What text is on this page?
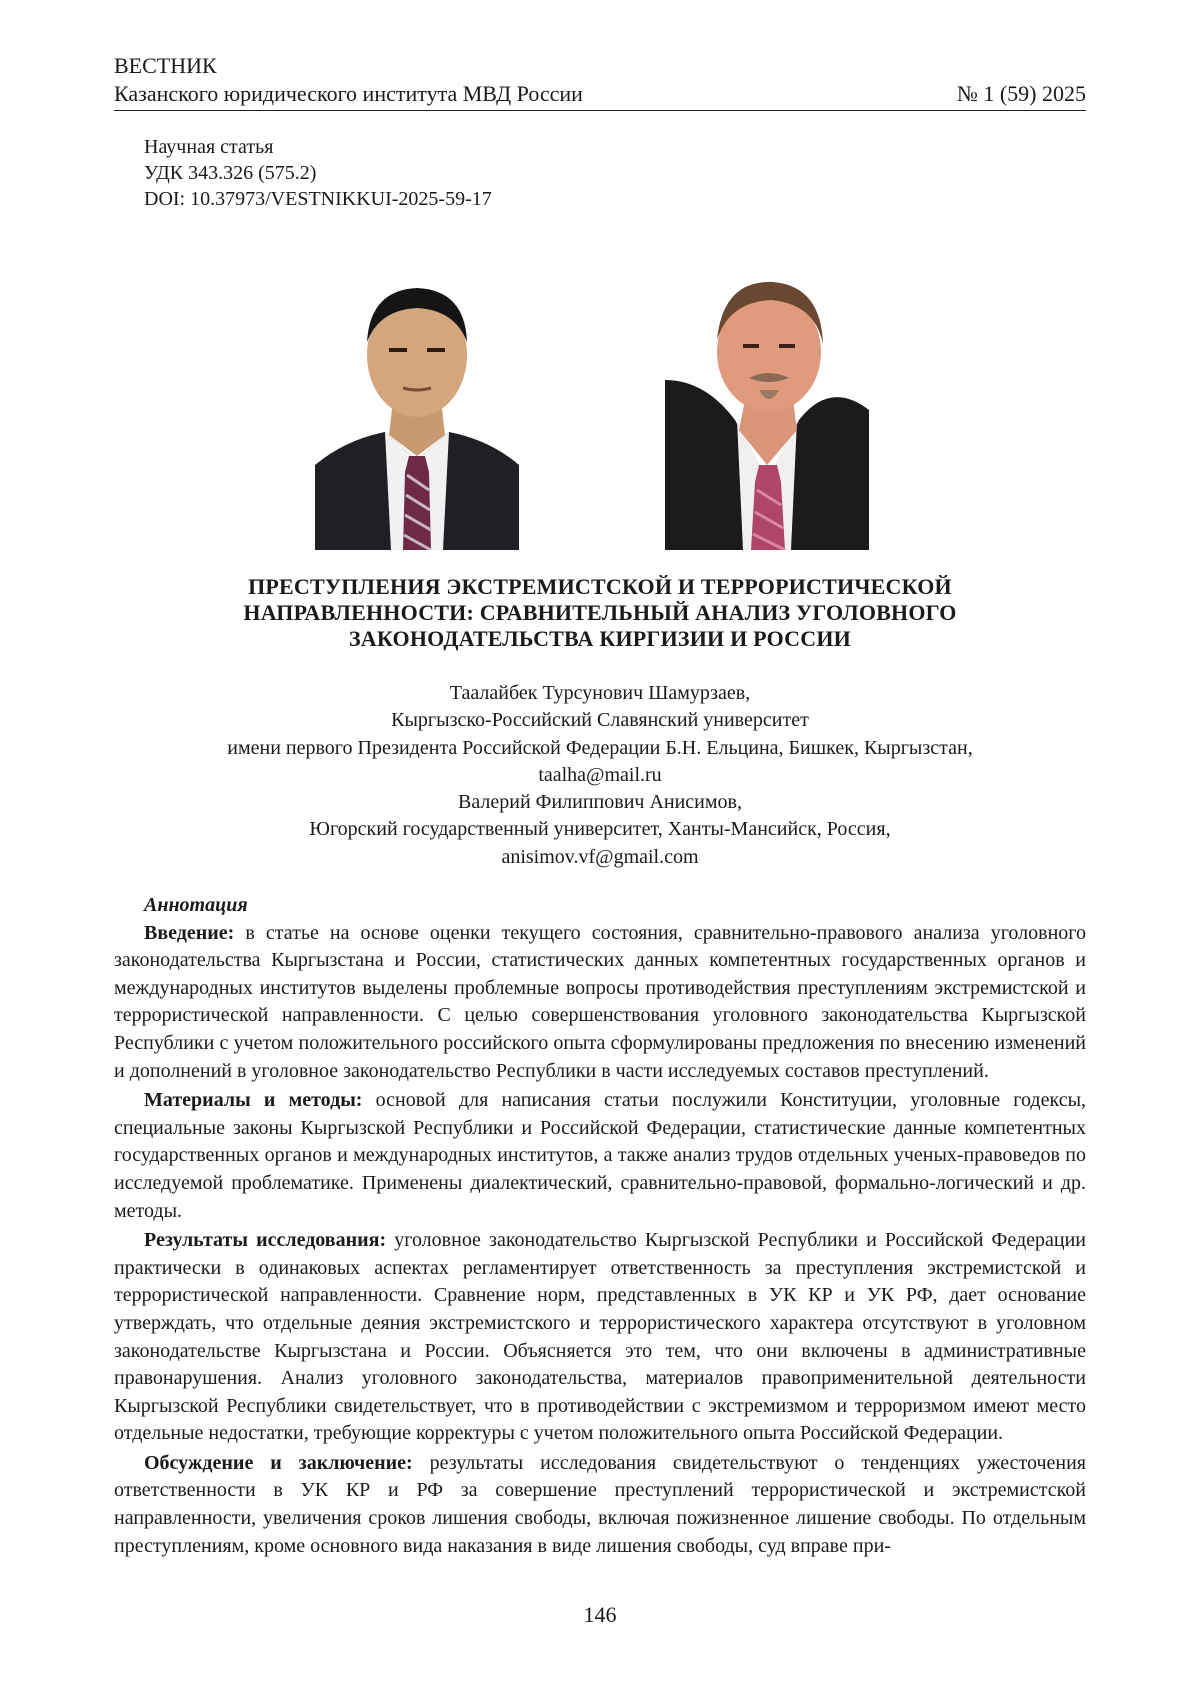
ВЕСТНИК
Казанского юридического института МВД России	№ 1 (59) 2025
Научная статья
УДК 343.326 (575.2)
DOI: 10.37973/VESTNIKKUI-2025-59-17
ПРЕСТУПЛЕНИЯ ЭКСТРЕМИСТСКОЙ И ТЕРРОРИСТИЧЕСКОЙ
НАПРАВЛЕННОСТИ: СРАВНИТЕЛЬНЫЙ АНАЛИЗ УГОЛОВНОГО
ЗАКОНОДАТЕЛЬСТВА КИРГИЗИИ И РОССИИ
Таалайбек Турсунович Шамурзаев,
Кыргызско-Российский Славянский университет
имени первого Президента Российской Федерации Б.Н. Ельцина, Бишкек, Кыргызстан,
taalha@mail.ru
Валерий Филиппович Анисимов,
Югорский государственный университет, Ханты-Мансийск, Россия,
anisimov.vf@gmail.com
Аннотация

Введение: в статье на основе оценки текущего состояния, сравнительно-правового анализа уголовного законодательства Кыргызстана и России, статистических данных компетентных государственных органов и международных институтов выделены проблемные вопросы противодействия преступлениям экстремистской и террористической направленности. С целью совершенствования уголовного законодательства Кыргызской Республики с учетом положительного российского опыта сформулированы предложения по внесению изменений и дополнений в уголовное законодательство Республики в части исследуемых составов преступлений.

Материалы и методы: основой для написания статьи послужили Конституции, уголовные годексы, специальные законы Кыргызской Республики и Российской Федерации, статистические данные компетентных государственных органов и международных институтов, а также анализ трудов отдельных ученых-правоведов по исследуемой проблематике. Применены диалектический, сравнительно-правовой, формально-логический и др. методы.

Результаты исследования: уголовное законодательство Кыргызской Республики и Российской Федерации практически в одинаковых аспектах регламентирует ответственность за преступления экстремистской и террористической направленности. Сравнение норм, представленных в УК КР и УК РФ, дает основание утверждать, что отдельные деяния экстремистского и террористического характера отсутствуют в уголовном законодательстве Кыргызстана и России. Объясняется это тем, что они включены в административные правонарушения. Анализ уголовного законодательства, материалов правоприменительной деятельности Кыргызской Республики свидетельствует, что в противодействии с экстремизмом и терроризмом имеют место отдельные недостатки, требующие корректуры с учетом положительного опыта Российской Федерации.

Обсуждение и заключение: результаты исследования свидетельствуют о тенденциях ужесточения ответственности в УК КР и РФ за совершение преступлений террористической и экстремистской направленности, увеличения сроков лишения свободы, включая пожизненное лишение свободы. По отдельным преступлениям, кроме основного вида наказания в виде лишения свободы, суд вправе при-

146
